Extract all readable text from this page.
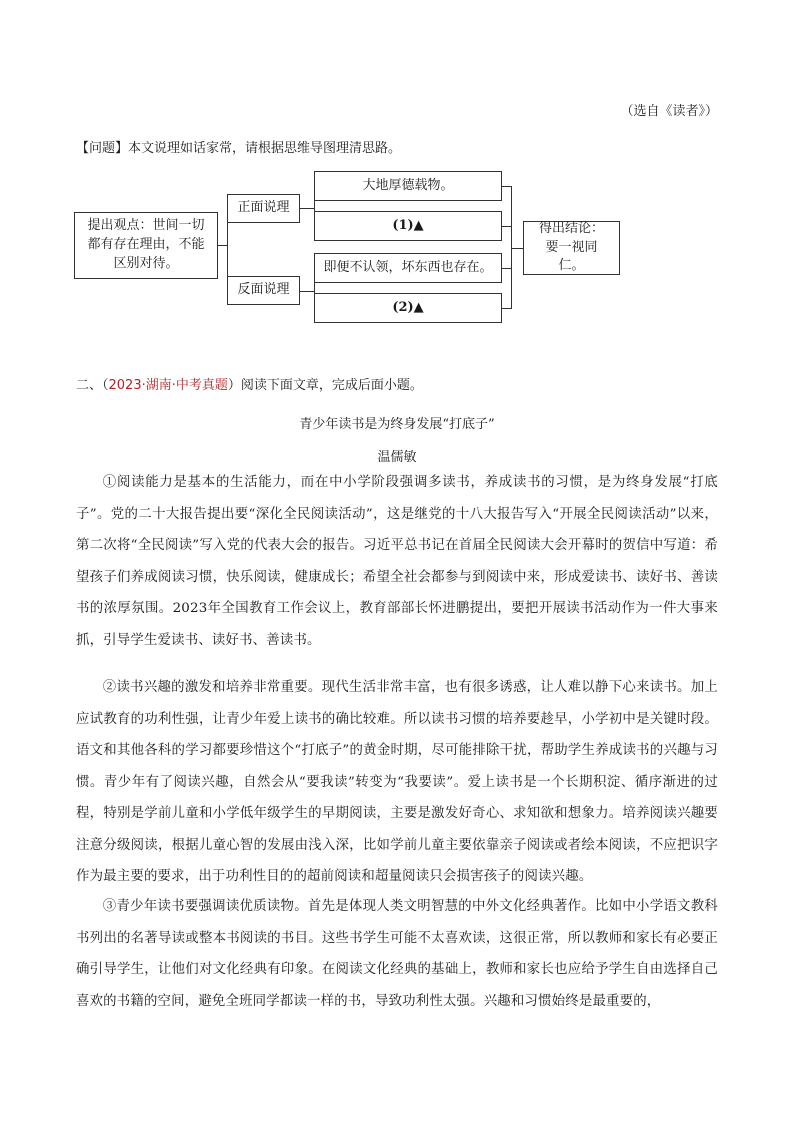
（选自《读者》）
【问题】本文说理如话家常，请根据思维导图理清思路。
提出观点：世间一切都有存在理由，不能区别对待。
正面说理
反面说理
大地厚德载物。
(1)▲
即便不认领，坏东西也存在。
(2)▲
得出结论：要一视同仁。
二、（2023·湖南·中考真题）阅读下面文章，完成后面小题。
青少年读书是为终身发展“打底子”
温儒敏

①阅读能力是基本的生活能力，而在中小学阶段强调多读书，养成读书的习惯，是为终身发展“打底子”。党的二十大报告提出要“深化全民阅读活动”，这是继党的十八大报告写入“开展全民阅读活动”以来，第二次将“全民阅读”写入党的代表大会的报告。习近平总书记在首届全民阅读大会开幕时的贺信中写道：希望孩子们养成阅读习惯，快乐阅读，健康成长；希望全社会都参与到阅读中来，形成爱读书、读好书、善读书的浓厚氛围。2023年全国教育工作会议上，教育部部长怀进鹏提出，要把开展读书活动作为一件大事来抓，引导学生爱读书、读好书、善读书。

②读书兴趣的激发和培养非常重要。现代生活非常丰富，也有很多诱惑，让人难以静下心来读书。加上应试教育的功利性强，让青少年爱上读书的确比较难。所以读书习惯的培养要趁早，小学初中是关键时段。语文和其他各科的学习都要珍惜这个“打底子”的黄金时期，尽可能排除干扰，帮助学生养成读书的兴趣与习惯。青少年有了阅读兴趣，自然会从“要我读”转变为“我要读”。爱上读书是一个长期积淀、循序渐进的过程，特别是学前儿童和小学低年级学生的早期阅读，主要是激发好奇心、求知欲和想象力。培养阅读兴趣要注意分级阅读，根据儿童心智的发展由浅入深，比如学前儿童主要依靠亲子阅读或者绘本阅读，不应把识字作为最主要的要求，出于功利性目的的超前阅读和超量阅读只会损害孩子的阅读兴趣。

③青少年读书要强调读优质读物。首先是体现人类文明智慧的中外文化经典著作。比如中小学语文教科书列出的名著导读或整本书阅读的书目。这些书学生可能不太喜欢读，这很正常，所以教师和家长有必要正确引导学生，让他们对文化经典有印象。在阅读文化经典的基础上，教师和家长也应给予学生自由选择自己喜欢的书籍的空间，避免全班同学都读一样的书，导致功利性太强。兴趣和习惯始终是最重要的，
